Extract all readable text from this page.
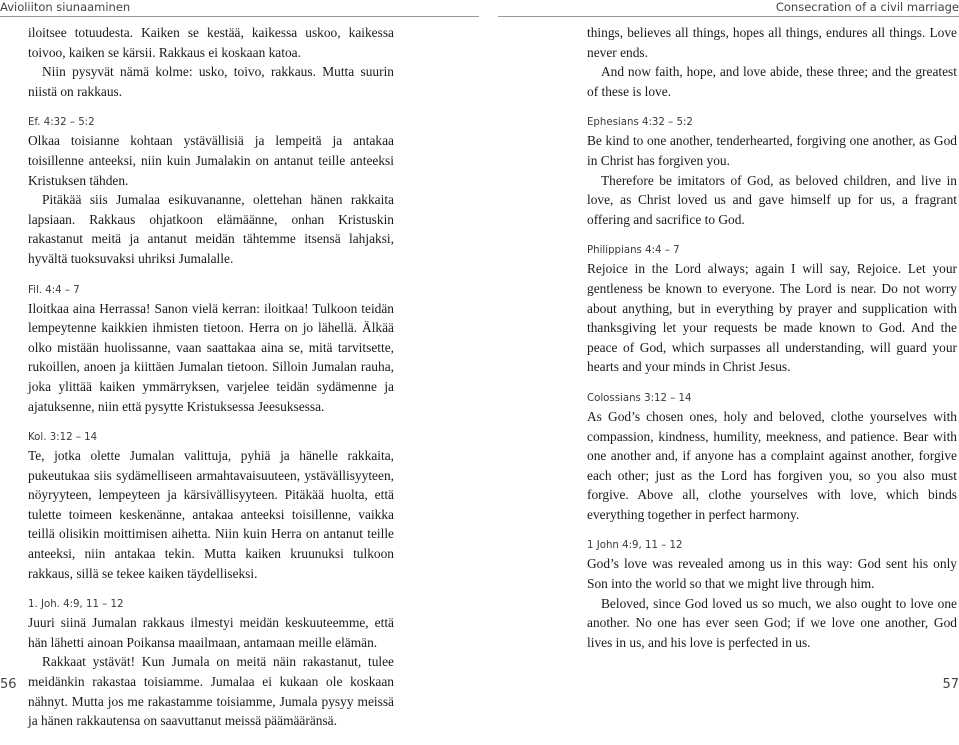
Avioliiton siunaaminen	Consecration of a civil marriage

iloitsee totuudesta. Kaiken se kestää, kaikessa uskoo, kaikessa toivoo, kaiken se kärsii. Rakkaus ei koskaan katoa.

Niin pysyvät nämä kolme: usko, toivo, rakkaus. Mutta suurin niistä on rakkaus.

Ef. 4:32 – 5:2

Olkaa toisianne kohtaan ystävällisiä ja lempeitä ja antakaa toisillenne anteeksi, niin kuin Jumalakin on antanut teille anteeksi Kristuksen tähden.

Pitäkää siis Jumalaa esikuvananne, olettehan hänen rakkaita lapsiaan. Rakkaus ohjatkoon elämäänne, onhan Kristuskin rakastanut meitä ja antanut meidän tähtemme itsensä lahjaksi, hyvältä tuoksuvaksi uhriksi Jumalalle.

Fil. 4:4 – 7

Iloitkaa aina Herrassa! Sanon vielä kerran: iloitkaa! Tulkoon teidän lempeytenne kaikkien ihmisten tietoon. Herra on jo lähellä. Älkää olko mistään huolissanne, vaan saattakaa aina se, mitä tarvitsette, rukoillen, anoen ja kiittäen Jumalan tietoon. Silloin Jumalan rauha, joka ylittää kaiken ymmärryksen, varjelee teidän sydämenne ja ajatuksenne, niin että pysytte Kristuksessa Jeesuksessa.

Kol. 3:12 – 14

Te, jotka olette Jumalan valittuja, pyhiä ja hänelle rakkaita, pukeutukaa siis sydämelliseen armahtavaisuuteen, ystävällisyyteen, nöyryyteen, lempeyteen ja kärsivällisyyteen. Pitäkää huolta, että tulette toimeen keskenänne, antakaa anteeksi toisillenne, vaikka teillä olisikin moittimisen aihetta. Niin kuin Herra on antanut teille anteeksi, niin antakaa tekin. Mutta kaiken kruunuksi tulkoon rakkaus, sillä se tekee kaiken täydelliseksi.

1. Joh. 4:9, 11 – 12

Juuri siinä Jumalan rakkaus ilmestyi meidän keskuuteemme, että hän lähetti ainoan Poikansa maailmaan, antamaan meille elämän.

Rakkaat ystävät! Kun Jumala on meitä näin rakastanut, tulee meidänkin rakastaa toisiamme. Jumalaa ei kukaan ole koskaan nähnyt. Mutta jos me rakastamme toisiamme, Jumala pysyy meissä ja hänen rakkautensa on saavuttanut meissä päämääränsä.

things, believes all things, hopes all things, endures all things. Love never ends.

And now faith, hope, and love abide, these three; and the greatest of these is love.

Ephesians 4:32 – 5:2

Be kind to one another, tenderhearted, forgiving one another, as God in Christ has forgiven you.

Therefore be imitators of God, as beloved children, and live in love, as Christ loved us and gave himself up for us, a fragrant offering and sacrifice to God.

Philippians 4:4 – 7

Rejoice in the Lord always; again I will say, Rejoice. Let your gentleness be known to everyone. The Lord is near. Do not worry about anything, but in everything by prayer and supplication with thanksgiving let your requests be made known to God. And the peace of God, which surpasses all understanding, will guard your hearts and your minds in Christ Jesus.

Colossians 3:12 – 14

As God’s chosen ones, holy and beloved, clothe yourselves with compassion, kindness, humility, meekness, and patience. Bear with one another and, if anyone has a complaint against another, forgive each other; just as the Lord has forgiven you, so you also must forgive. Above all, clothe yourselves with love, which binds everything together in perfect harmony.

1 John 4:9, 11 – 12

God’s love was revealed among us in this way: God sent his only Son into the world so that we might live through him.

Beloved, since God loved us so much, we also ought to love one another. No one has ever seen God; if we love one another, God lives in us, and his love is perfected in us.

56	57
